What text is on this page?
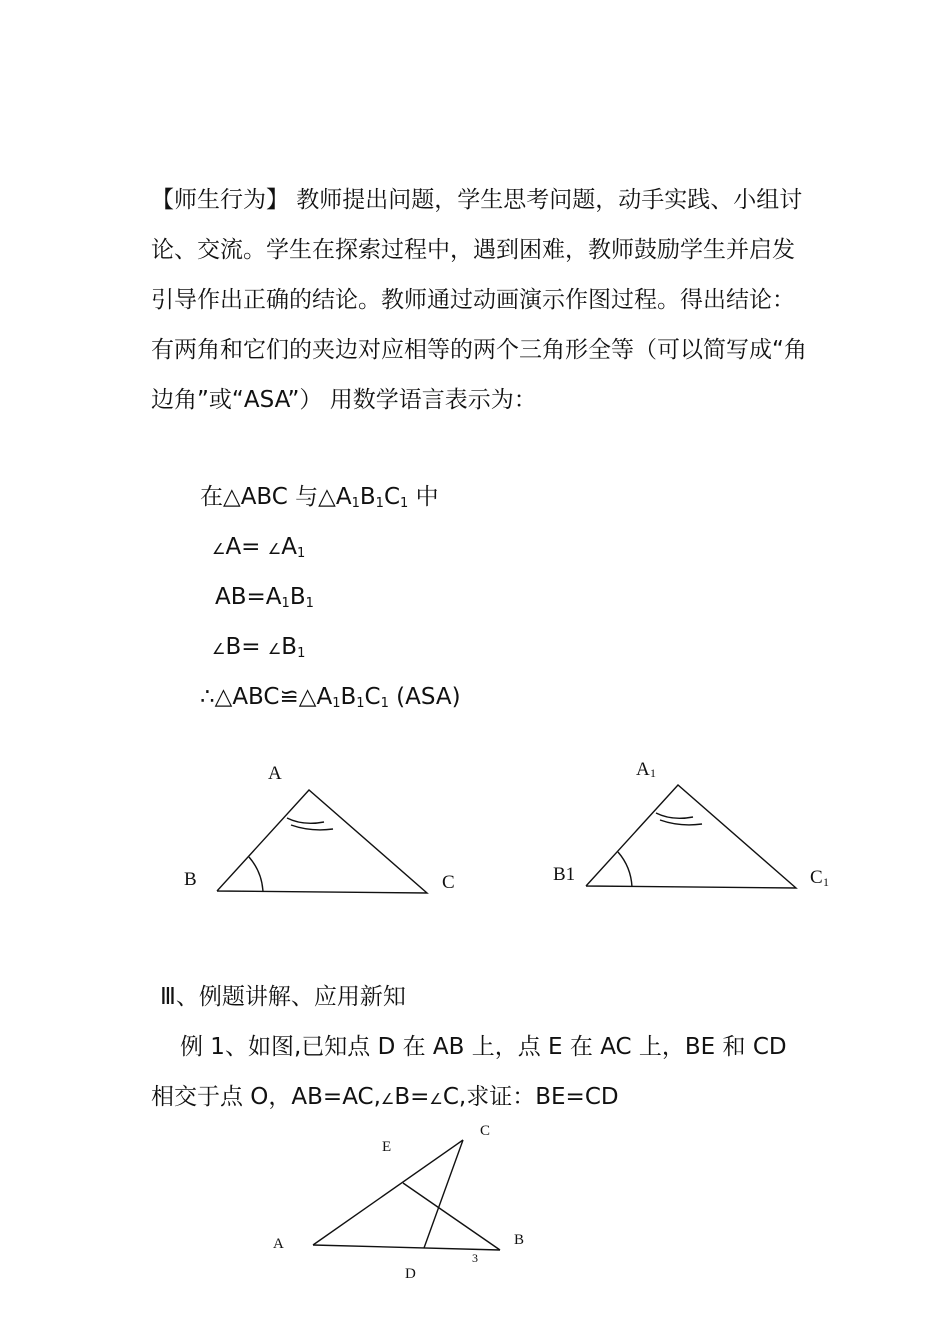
【师生行为】 教师提出问题，学生思考问题，动手实践、小组讨论、交流。学生在探索过程中，遇到困难，教师鼓励学生并启发引导作出正确的结论。教师通过动画演示作图过程。得出结论：有两角和它们的夹边对应相等的两个三角形全等（可以简写成“角边角”或“ASA”） 用数学语言表示为：

在△ABC 与$\triangle A_1B_1C_1$ 中
∠A= $\angle A_1$
$AB=A_1B_1$
∠B= $\angle B_1$
$\therefore\triangle ABC≌\triangle A_1B_1C_1$ (ASA)
A
B	C
A 1
B1	C 1
C
E
A	B
D
3
Ⅲ、例题讲解、应用新知
例 1、如图,已知点 D 在 AB 上，点 E 在 AC 上，BE 和 CD
相交于点 O，AB=AC,∠B=∠C,求证：BE=CD
